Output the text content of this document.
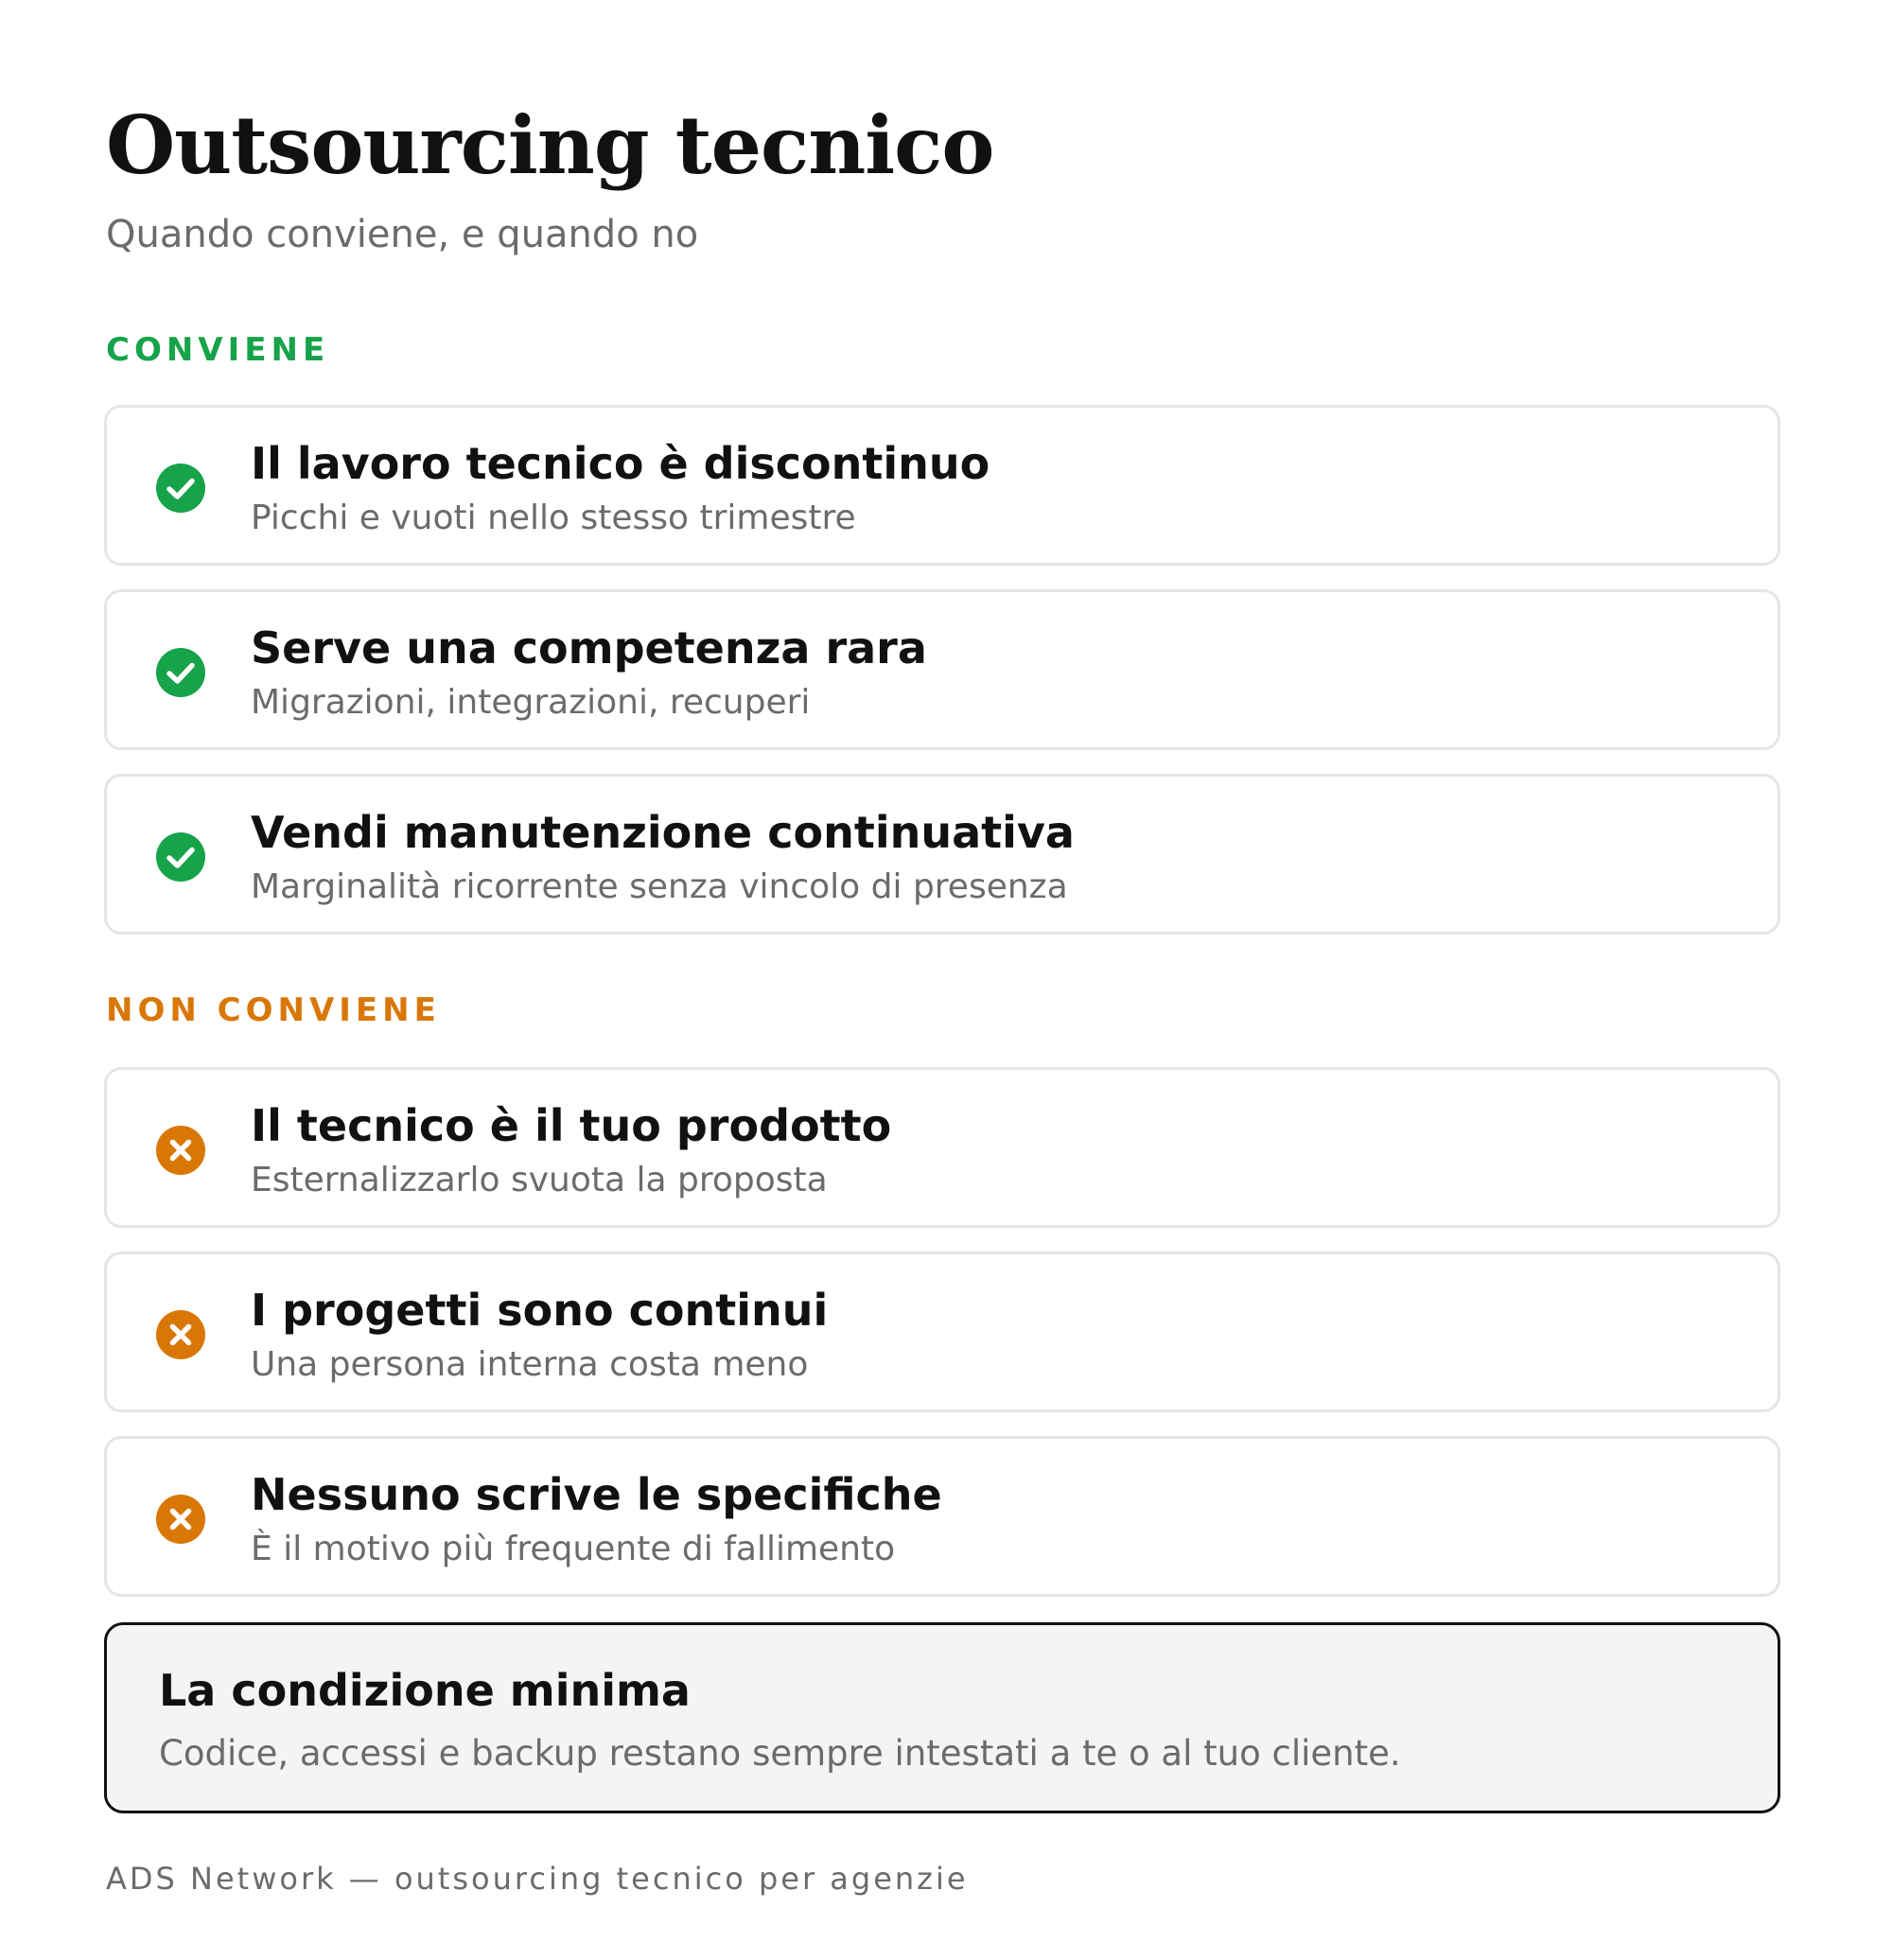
Outsourcing tecnico

Quando conviene, e quando no

CONVIENE

Il lavoro tecnico è discontinuo

Picchi e vuoti nello stesso trimestre

Serve una competenza rara

Migrazioni, integrazioni, recuperi

Vendi manutenzione continuativa

Marginalità ricorrente senza vincolo di presenza

NON CONVIENE

Il tecnico è il tuo prodotto

Esternalizzarlo svuota la proposta

I progetti sono continui

Una persona interna costa meno

Nessuno scrive le specifiche

È il motivo più frequente di fallimento

La condizione minima

Codice, accessi e backup restano sempre intestati a te o al tuo cliente.

ADS Network — outsourcing tecnico per agenzie
